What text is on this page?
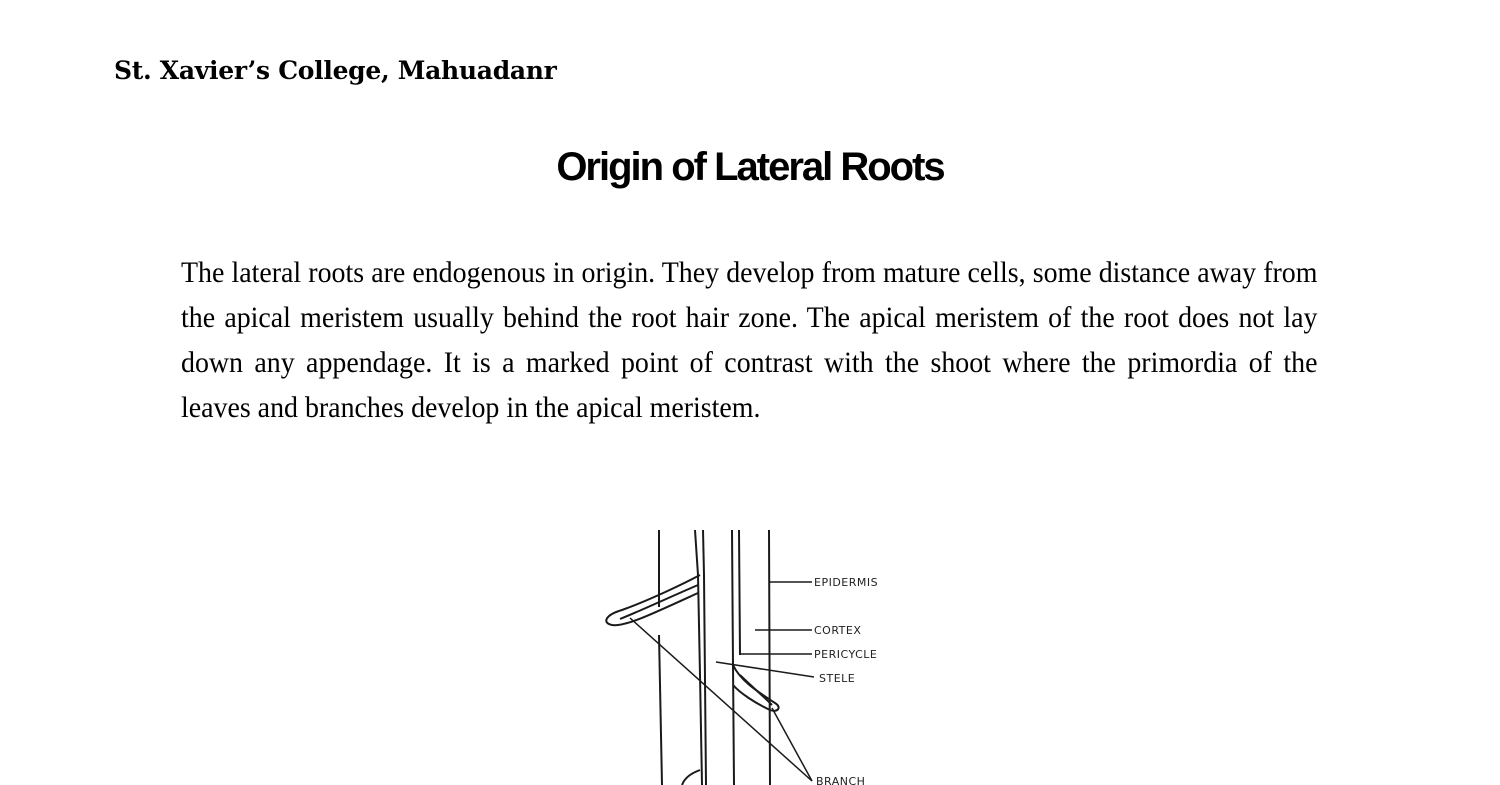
St. Xavier’s College, Mahuadanr
Origin of Lateral Roots
The lateral roots are endogenous in origin. They develop from mature cells, some distance away from the apical meristem usually behind the root hair zone. The apical meristem of the root does not lay down any appendage. It is a marked point of contrast with the shoot where the primordia of the leaves and branches develop in the apical meristem.
EPIDERMIS
CORTEX
PERICYCLE
STELE
BRANCH
